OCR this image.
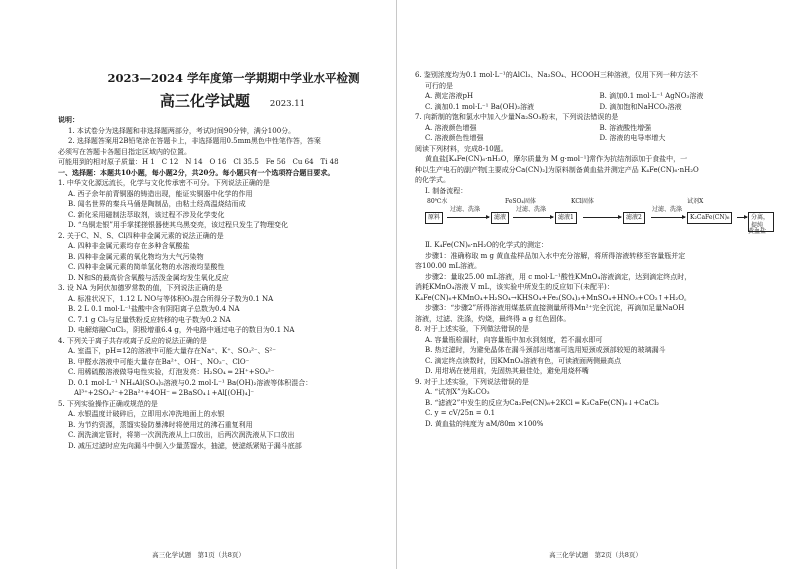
2023—2024 学年度第一学期期中学业水平检测
高三化学试题 2023.11
说明：
1. 本试卷分为选择题和非选择题两部分，考试时间90分钟，满分100分。
2. 选择题答案用2B铅笔涂在答题卡上，非选择题用0.5mm黑色中性笔作答，答案
必须写在答题卡各题目指定区域内的位置。
可能用到的相对原子质量：H 1　C 12　N 14　O 16　Cl 35.5　Fe 56　Cu 64　Ti 48
一、选择题：本题共10小题，每小题2分，共20分。每小题只有一个选项符合题目要求。
1. 中华文化源远流长，化学与文化传承密不可分。下列说法正确的是
A. 西子余年前青铜器的铸造出现，能证实铜器中化学的作用
B. 闻名世界的秦兵马俑是陶制品，由粘土经高温烧结而成
C. 新化采用磁制法萃取剂，该过程不涉及化学变化
D. “乌铜走银”用手掌揉搓银器使其乌黑变亮，该过程只发生了物理变化
2. 关于C、N、S、Cl四种非金属元素的说法正确的是
A. 四种非金属元素均存在多种含氧酸盐
B. 四种非金属元素的氧化物均为大气污染物
C. 四种非金属元素的简单氢化物的水溶液均显酸性
D. N和S的最高价含氧酸与活泼金属均发生氧化反应
3. 设 NA 为阿伏加德罗常数的值，下列说法正确的是
A. 标准状况下，1.12 L NO与等体积O₂混合所得分子数为0.1 NA
B. 2 L 0.1 mol·L⁻¹盐酸中含有阴阳离子总数为0.4 NA
C. 7.1 g Cl₂与足量铁粉反应转移的电子数为0.2 NA
D. 电解熔融CuCl₂，阴极增重6.4 g，外电路中通过电子的数目为0.1 NA
4. 下列关于离子共存或离子反应的说法正确的是
A. 室温下，pH=12的溶液中可能大量存在Na⁺、K⁺、SO₃²⁻、S²⁻
B. 甲醛水溶液中可能大量存在Ba²⁺、OH⁻、NO₃⁻、ClO⁻
C. 用稀硫酸溶液做导电性实验，灯泡发亮：H₂SO₄ ═ 2H⁺+SO₄²⁻
D. 0.1 mol·L⁻¹ NH₄Al(SO₄)₂溶液与0.2 mol·L⁻¹ Ba(OH)₂溶液等体积混合：
Al³⁺+2SO₄²⁻+2Ba²⁺+4OH⁻ ═ 2BaSO₄↓+Al[(OH)₄]⁻
5. 下列实验操作正确或规范的是
A. 水银温度计破碎后，立即用水冲洗地面上的水银
B. 为节约资源，蒸馏实验防暴沸时将使用过的沸石重复利用
C. 润洗滴定管时，将第一次润洗液从上口放出，后两次润洗液从下口放出
D. 减压过滤时应先向漏斗中倒入少量蒸馏水，抽滤，使滤纸紧贴于漏斗底部
高三化学试题　第1页（共8页）
6. 鉴别浓度均为0.1 mol·L⁻¹的AlCl₃、Na₂SO₄、HCOOH三种溶液，仅用下列一种方法不
可行的是
A. 测定溶液pH	B. 滴加0.1 mol·L⁻¹ AgNO₃溶液
C. 滴加0.1 mol·L⁻¹ Ba(OH)₂溶液	D. 滴加饱和NaHCO₃溶液
7. 向新制的饱和氯水中加入少量Na₂SO₃粉末，下列说法错误的是
A. 溶液颜色增强	B. 溶液酸性增强
C. 溶液颜色性增强	D. 溶液的电导率增大
阅读下列材料，完成8-10题。
黄血盐[K₄Fe(CN)₆·nH₂O，摩尔质量为 M g·mol⁻¹]常作为抗结剂添加于食盐中，一
种以生产电石的副产物[主要成分Ca(CN)₂]为原料制备黄血盐并测定产品 K₄Fe(CN)₆·nH₂O
的化学式。
Ⅰ. 制备流程：
80℃水	FeSO₄固体	KCl固体	试剂X
原料
过滤、洗涤
滤液
过滤、洗涤
滤液1	滤液2
过滤、洗涤
K₂CaFe(CN)₆	分离，提纯
黄血盐
Ⅱ. K₄Fe(CN)₆·nH₂O的化学式的测定：
步骤1：准确称取 m g 黄血盐样品加入水中充分溶解，将所得溶液转移至容量瓶并定
容100.00 mL溶液。
步骤2：量取25.00 mL溶液，用 c mol·L⁻¹酸性KMnO₄溶液滴定，达到滴定终点时，
消耗KMnO₄溶液 V mL，该实验中所发生的反应如下(未配平)：
K₄Fe(CN)₆+KMnO₄+H₂SO₄→KHSO₄+Fe₂(SO₄)₃+MnSO₄+HNO₃+CO₂↑+H₂O。
步骤3：“步骤2”所得溶液用煤基质直接测量所得Mn²⁺完全沉淀，再滴加足量NaOH
溶液，过滤、洗涤，灼烧，最终得 a g 红色固体。
8. 对于上述实验，下列做法错误的是
A. 容量瓶检漏时，向容量瓶中加水到刻度，若不漏水即可
B. 热过滤时，为避免晶体在漏斗颈部出堵塞可选用短颈或颈部较短的玻璃漏斗
C. 滴定终点读数时，因KMnO₄溶液有色，可读液面两侧最高点
D. 用坩埚在使用前，先固热其最佳处，避免用烧杯嘴
9. 对于上述实验，下列说法错误的是
A. “试剂X”为K₂CO₃
B. “滤液2”中发生的反应为Ca₂Fe(CN)₆+2KCl ═ K₂CaFe(CN)₆↓+CaCl₂
C. y = cV/25n = 0.1
D. 黄血盐的纯度为 aM/80m ×100%
高三化学试题　第2页（共8页）
